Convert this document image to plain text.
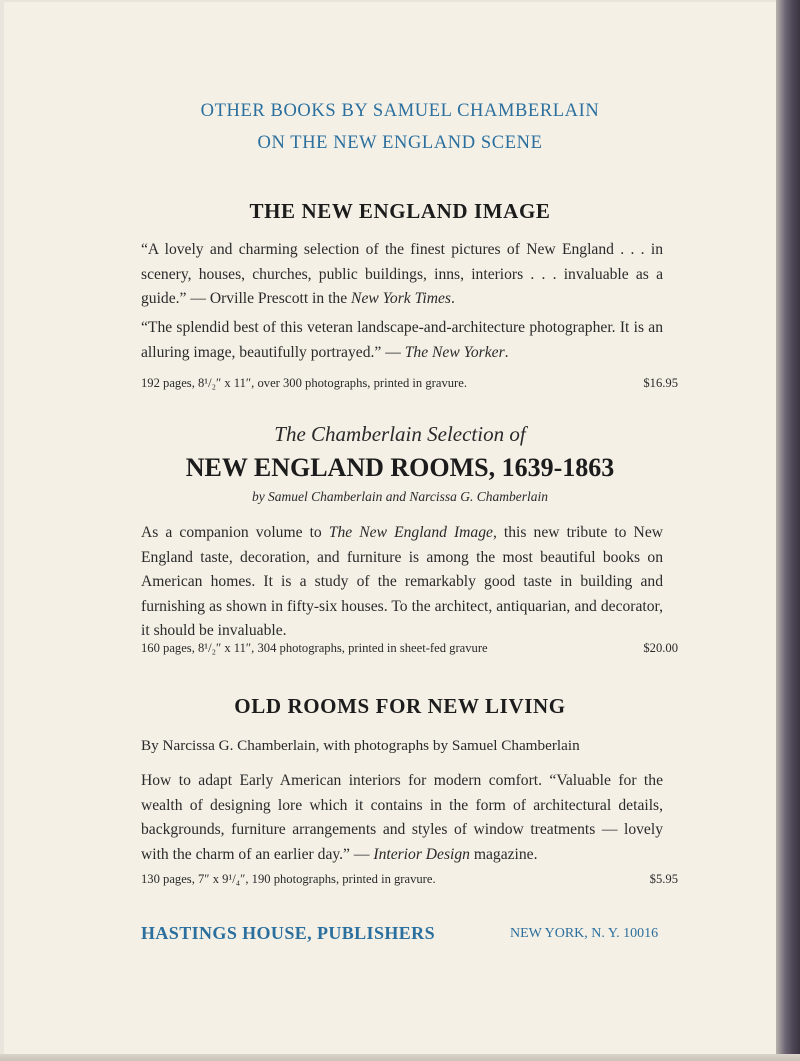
OTHER BOOKS BY SAMUEL CHAMBERLAIN
ON THE NEW ENGLAND SCENE
THE NEW ENGLAND IMAGE

“A lovely and charming selection of the finest pictures of New England . . . in scenery, houses, churches, public buildings, inns, interiors . . . invaluable as a guide.” — Orville Prescott in the New York Times.

“The splendid best of this veteran landscape-and-architecture photographer. It is an alluring image, beautifully portrayed.” — The New Yorker.

192 pages, 8¹/₂″ x 11″, over 300 photographs, printed in gravure.	$16.95
The Chamberlain Selection of
NEW ENGLAND ROOMS, 1639-1863
by Samuel Chamberlain and Narcissa G. Chamberlain

As a companion volume to The New England Image, this new tribute to New England taste, decoration, and furniture is among the most beautiful books on American homes. It is a study of the remarkably good taste in building and furnishing as shown in fifty-six houses. To the architect, antiquarian, and decorator, it should be invaluable.

160 pages, 8¹/₂″ x 11″, 304 photographs, printed in sheet-fed gravure	$20.00
OLD ROOMS FOR NEW LIVING
By Narcissa G. Chamberlain, with photographs by Samuel Chamberlain

How to adapt Early American interiors for modern comfort. “Valuable for the wealth of designing lore which it contains in the form of architectural details, backgrounds, furniture arrangements and styles of window treatments — lovely with the charm of an earlier day.” — Interior Design magazine.

130 pages, 7″ x 9¹/₄″, 190 photographs, printed in gravure.	$5.95
HASTINGS HOUSE, PUBLISHERS	NEW YORK, N. Y. 10016
